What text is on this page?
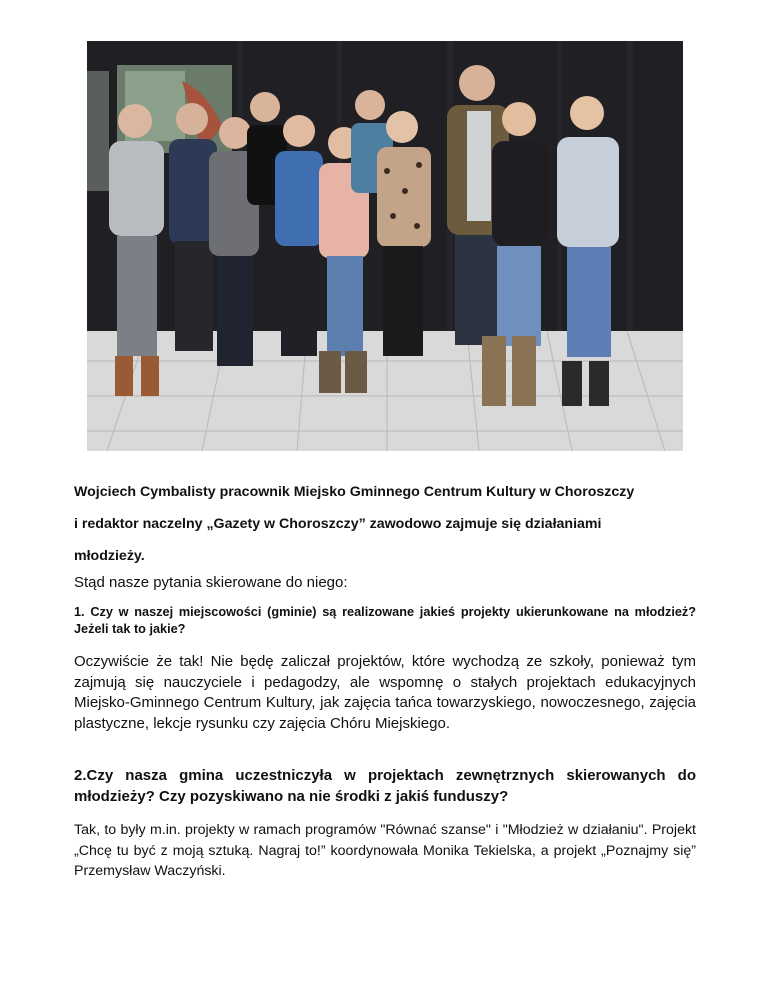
Wojciech Cymbalisty pracownik Miejsko Gminnego Centrum Kultury w Choroszczy

i redaktor naczelny „Gazety w Choroszczy” zawodowo zajmuje się działaniami

młodzieży.

Stąd nasze pytania skierowane do niego:

1. Czy w naszej miejscowości (gminie) są realizowane jakieś projekty ukierunkowane na młodzież? Jeżeli tak to jakie?

Oczywiście że tak! Nie będę zaliczał projektów, które wychodzą ze szkoły, ponieważ tym zajmują się nauczyciele i pedagodzy, ale wspomnę o stałych projektach edukacyjnych Miejsko-Gminnego Centrum Kultury, jak zajęcia tańca towarzyskiego, nowoczesnego, zajęcia plastyczne, lekcje rysunku czy zajęcia Chóru Miejskiego.

2.Czy nasza gmina uczestniczyła w projektach zewnętrznych skierowanych do młodzieży? Czy pozyskiwano na nie środki z jakiś funduszy?

Tak, to były m.in. projekty w ramach programów "Równać szanse" i "Młodzież w działaniu". Projekt „Chcę tu być z moją sztuką. Nagraj to!” koordynowała Monika Tekielska, a projekt „Poznajmy się” Przemysław Waczyński.
